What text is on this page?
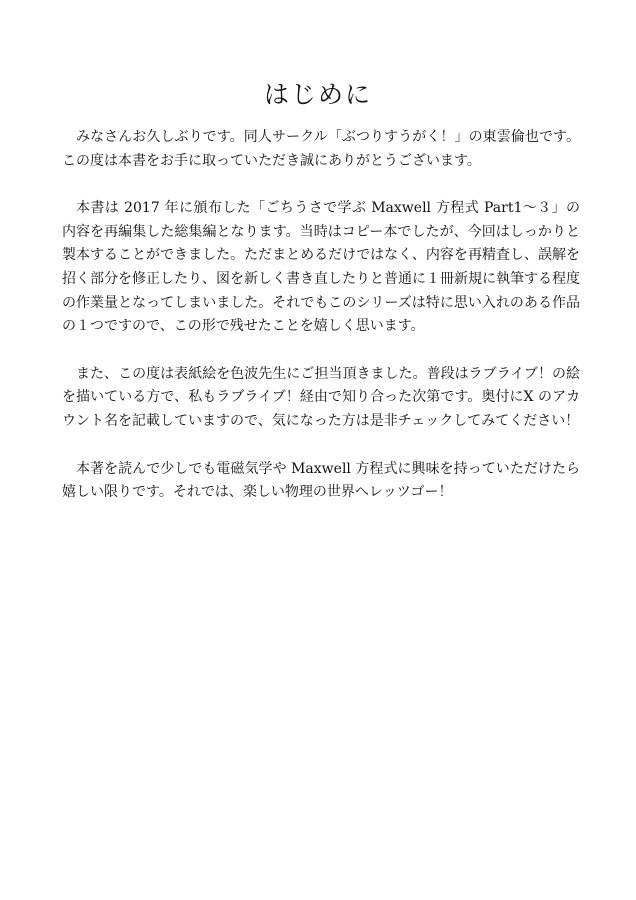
はじめに

みなさんお久しぶりです。同人サークル「ぶつりすうがく！」の東雲倫也です。この度は本書をお手に取っていただき誠にありがとうございます。

本書は 2017 年に頒布した「ごちうさで学ぶ Maxwell 方程式 Part1〜３」の内容を再編集した総集編となります。当時はコピー本でしたが、今回はしっかりと製本することができました。ただまとめるだけではなく、内容を再精査し、誤解を招く部分を修正したり、図を新しく書き直したりと普通に１冊新規に執筆する程度の作業量となってしまいました。それでもこのシリーズは特に思い入れのある作品の１つですので、この形で残せたことを嬉しく思います。

また、この度は表紙絵を色波先生にご担当頂きました。普段はラブライブ！の絵を描いている方で、私もラブライブ！経由で知り合った次第です。奥付にX のアカウント名を記載していますので、気になった方は是非チェックしてみてください！

本著を読んで少しでも電磁気学や Maxwell 方程式に興味を持っていただけたら嬉しい限りです。それでは、楽しい物理の世界へレッツゴー！
